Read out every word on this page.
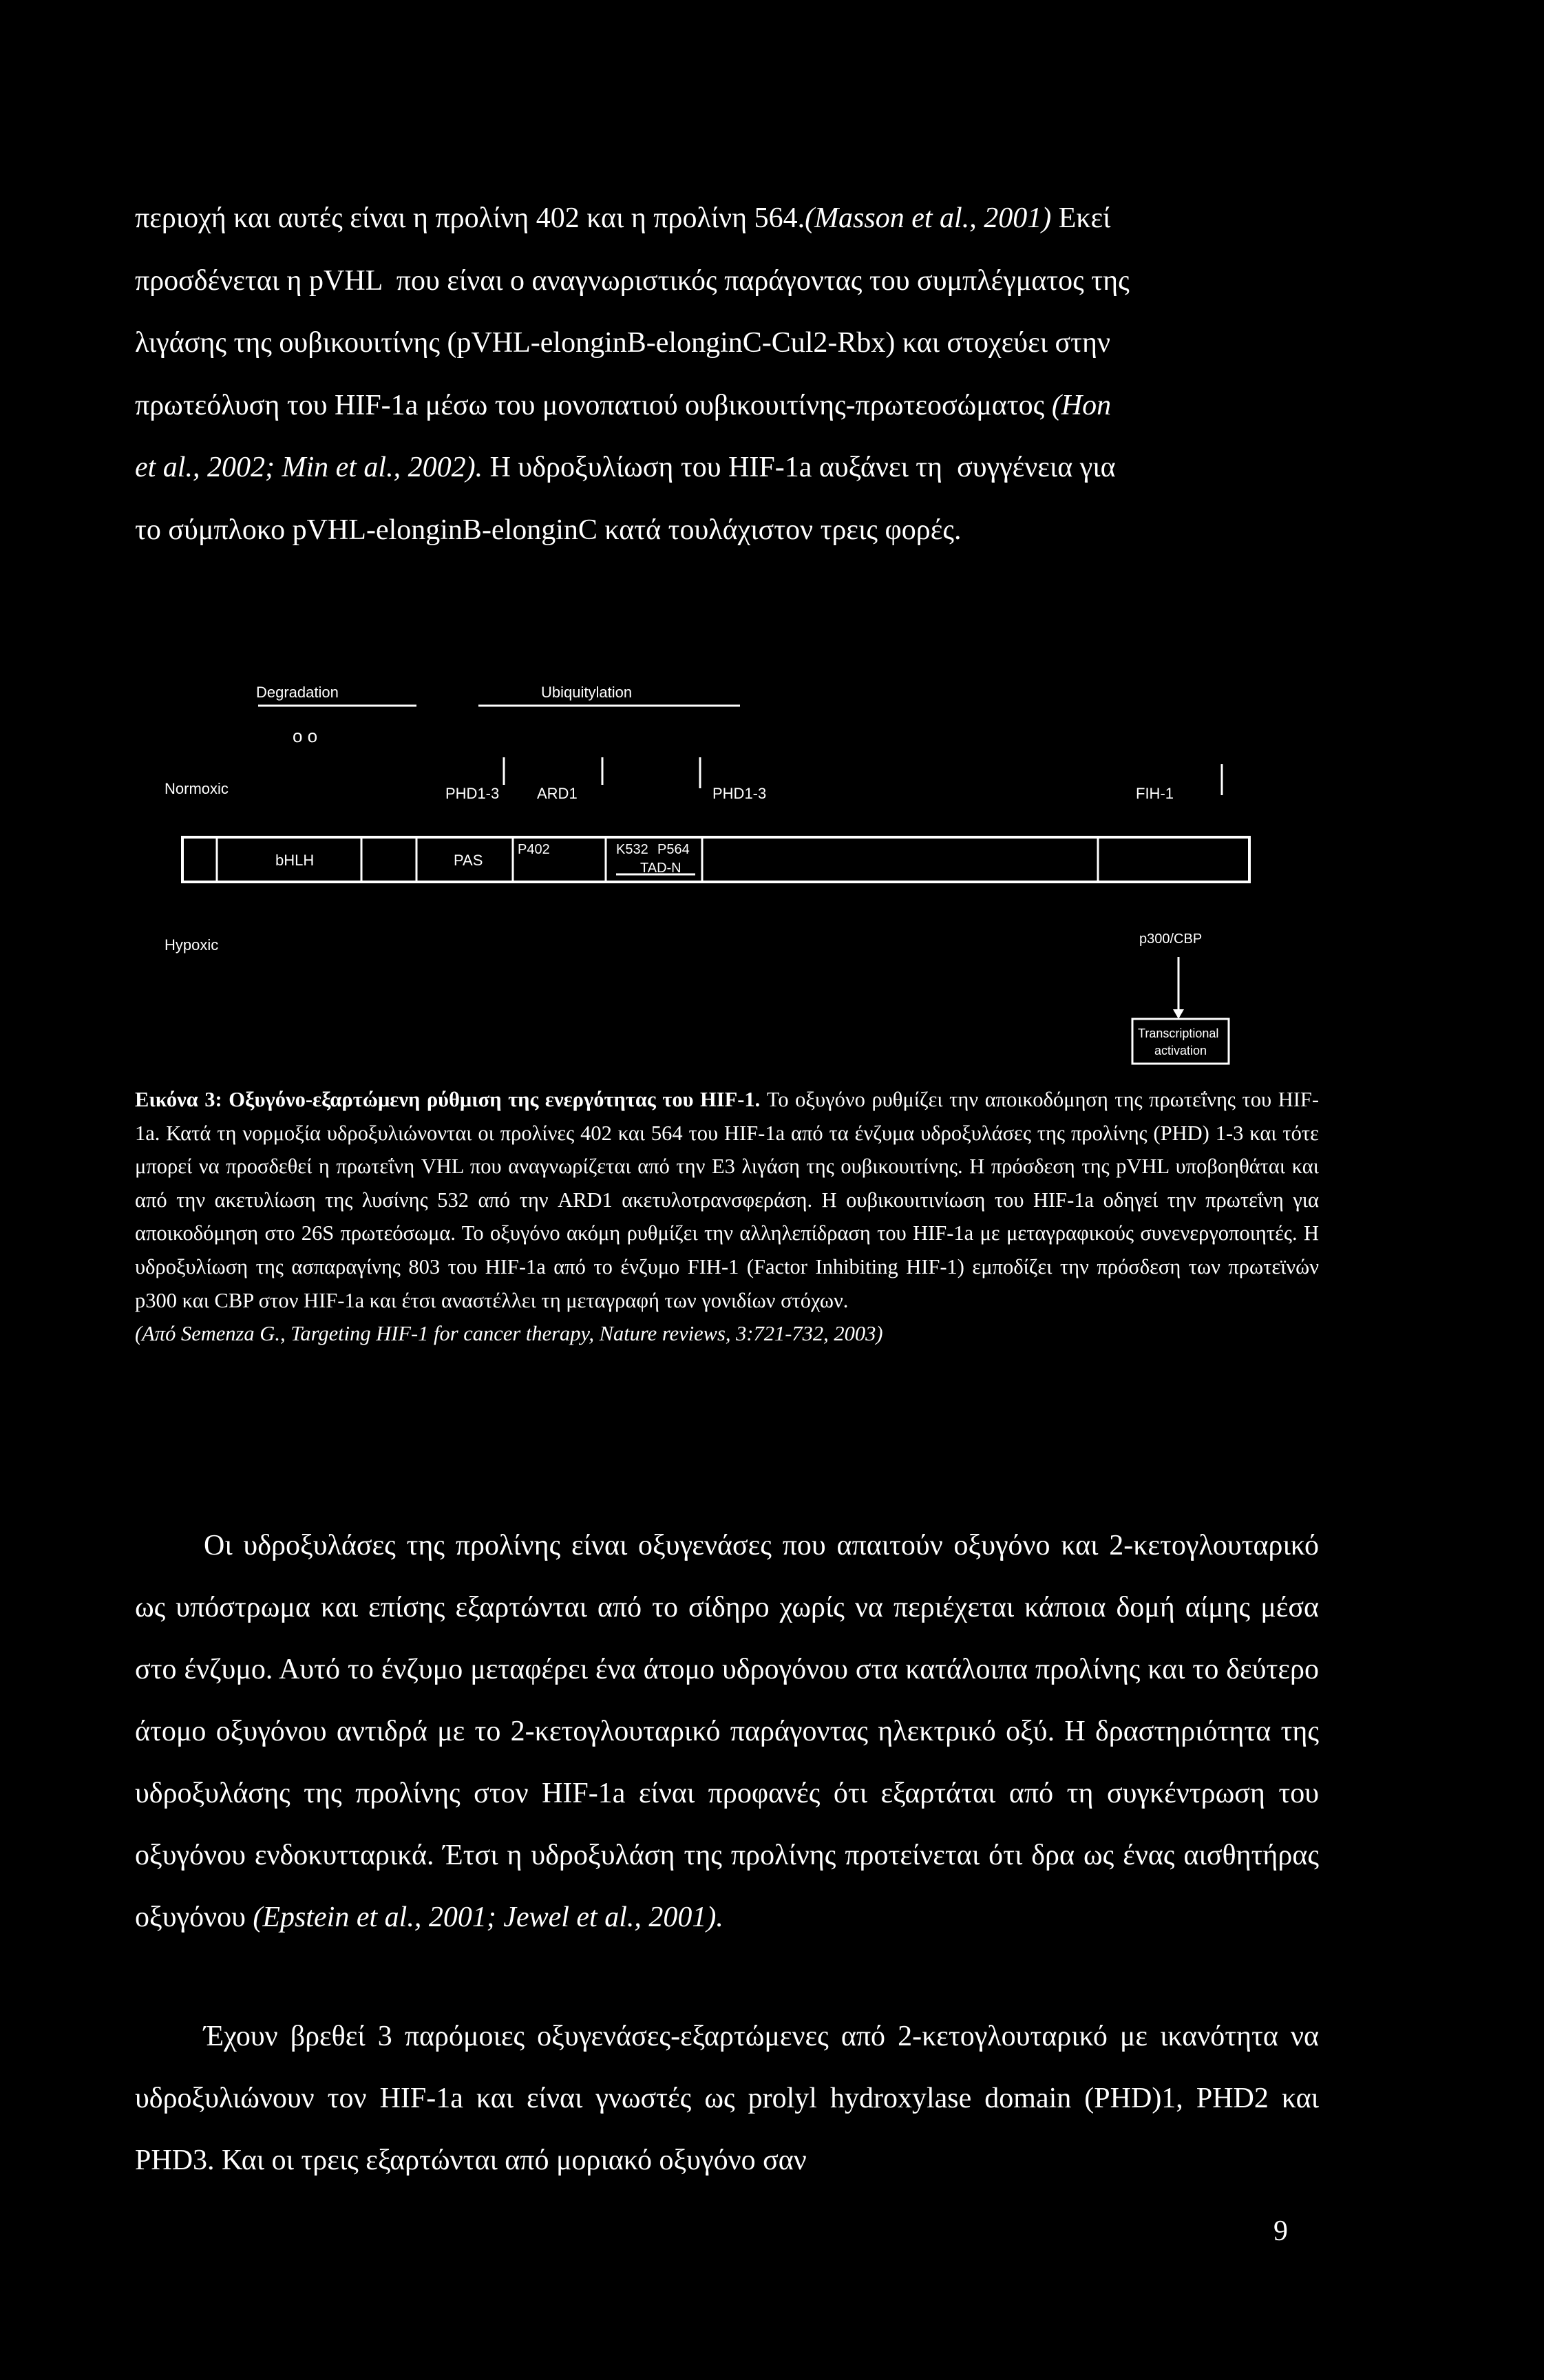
περιοχή και αυτές είναι η προλίνη 402 και η προλίνη 564.(Masson et al., 2001) Εκεί
προσδένεται η pVHL  που είναι ο αναγνωριστικός παράγοντας του συμπλέγματος της
λιγάσης της ουβικουιτίνης (pVHL-elonginB-elonginC-Cul2-Rbx) και στοχεύει στην
πρωτεόλυση του HIF-1a μέσω του μονοπατιού ουβικουιτίνης-πρωτεοσώματος (Hon
et al., 2002; Min et al., 2002). Η υδροξυλίωση του HIF-1a αυξάνει τη  συγγένεια για
το σύμπλοκο pVHL-elonginB-elonginC κατά τουλάχιστον τρεις φορές.
Degradation	Ubiquitylation
o o
Normoxic
Hypoxic
PHD1-3 ARD1	PHD1-3	FIH-1
bHLH	PAS
P402	K532 P564
TAD-N
p300/CBP
Transcriptional
activation
Εικόνα 3: Οξυγόνο-εξαρτώμενη ρύθμιση της ενεργότητας του HIF-1. Το οξυγόνο ρυθμίζει την αποικοδόμηση της πρωτεΐνης του HIF-1a. Κατά τη νορμοξία υδροξυλιώνονται οι προλίνες 402 και 564 του HIF-1a από τα ένζυμα υδροξυλάσες της προλίνης (PHD) 1-3 και τότε μπορεί να προσδεθεί η πρωτεΐνη VHL που αναγνωρίζεται από την E3 λιγάση της ουβικουιτίνης. Η πρόσδεση της pVHL υποβοηθάται και από την ακετυλίωση της λυσίνης 532 από την ARD1 ακετυλοτρανσφεράση. Η ουβικουιτινίωση του HIF-1a οδηγεί την πρωτεΐνη για αποικοδόμηση στο 26S πρωτεόσωμα. Το οξυγόνο ακόμη ρυθμίζει την αλληλεπίδραση του HIF-1a με μεταγραφικούς συνενεργοποιητές. Η υδροξυλίωση της ασπαραγίνης 803 του HIF-1a από το ένζυμο FIH-1 (Factor Inhibiting HIF-1) εμποδίζει την πρόσδεση των πρωτεϊνών p300 και CBP στον HIF-1a και έτσι αναστέλλει τη μεταγραφή των γονιδίων στόχων.
(Από Semenza G., Targeting HIF-1 for cancer therapy, Nature reviews, 3:721-732, 2003)
Οι υδροξυλάσες της προλίνης είναι οξυγενάσες που απαιτούν οξυγόνο και 2-κετογλουταρικό ως υπόστρωμα και επίσης εξαρτώνται από το σίδηρο χωρίς να περιέχεται κάποια δομή αίμης μέσα στο ένζυμο. Αυτό το ένζυμο μεταφέρει ένα άτομο υδρογόνου στα κατάλοιπα προλίνης και το δεύτερο άτομο οξυγόνου αντιδρά με το 2-κετογλουταρικό παράγοντας ηλεκτρικό οξύ. Η δραστηριότητα της υδροξυλάσης της προλίνης στον HIF-1a είναι προφανές ότι εξαρτάται από τη συγκέντρωση του οξυγόνου ενδοκυτταρικά. Έτσι η υδροξυλάση της προλίνης προτείνεται ότι δρα ως ένας αισθητήρας οξυγόνου (Epstein et al., 2001; Jewel et al., 2001).
Έχουν βρεθεί 3 παρόμοιες οξυγενάσες-εξαρτώμενες από 2-κετογλουταρικό με ικανότητα να υδροξυλιώνουν τον HIF-1a και είναι γνωστές ως prolyl hydroxylase domain (PHD)1, PHD2 και PHD3. Και οι τρεις εξαρτώνται από μοριακό οξυγόνο σαν
9
